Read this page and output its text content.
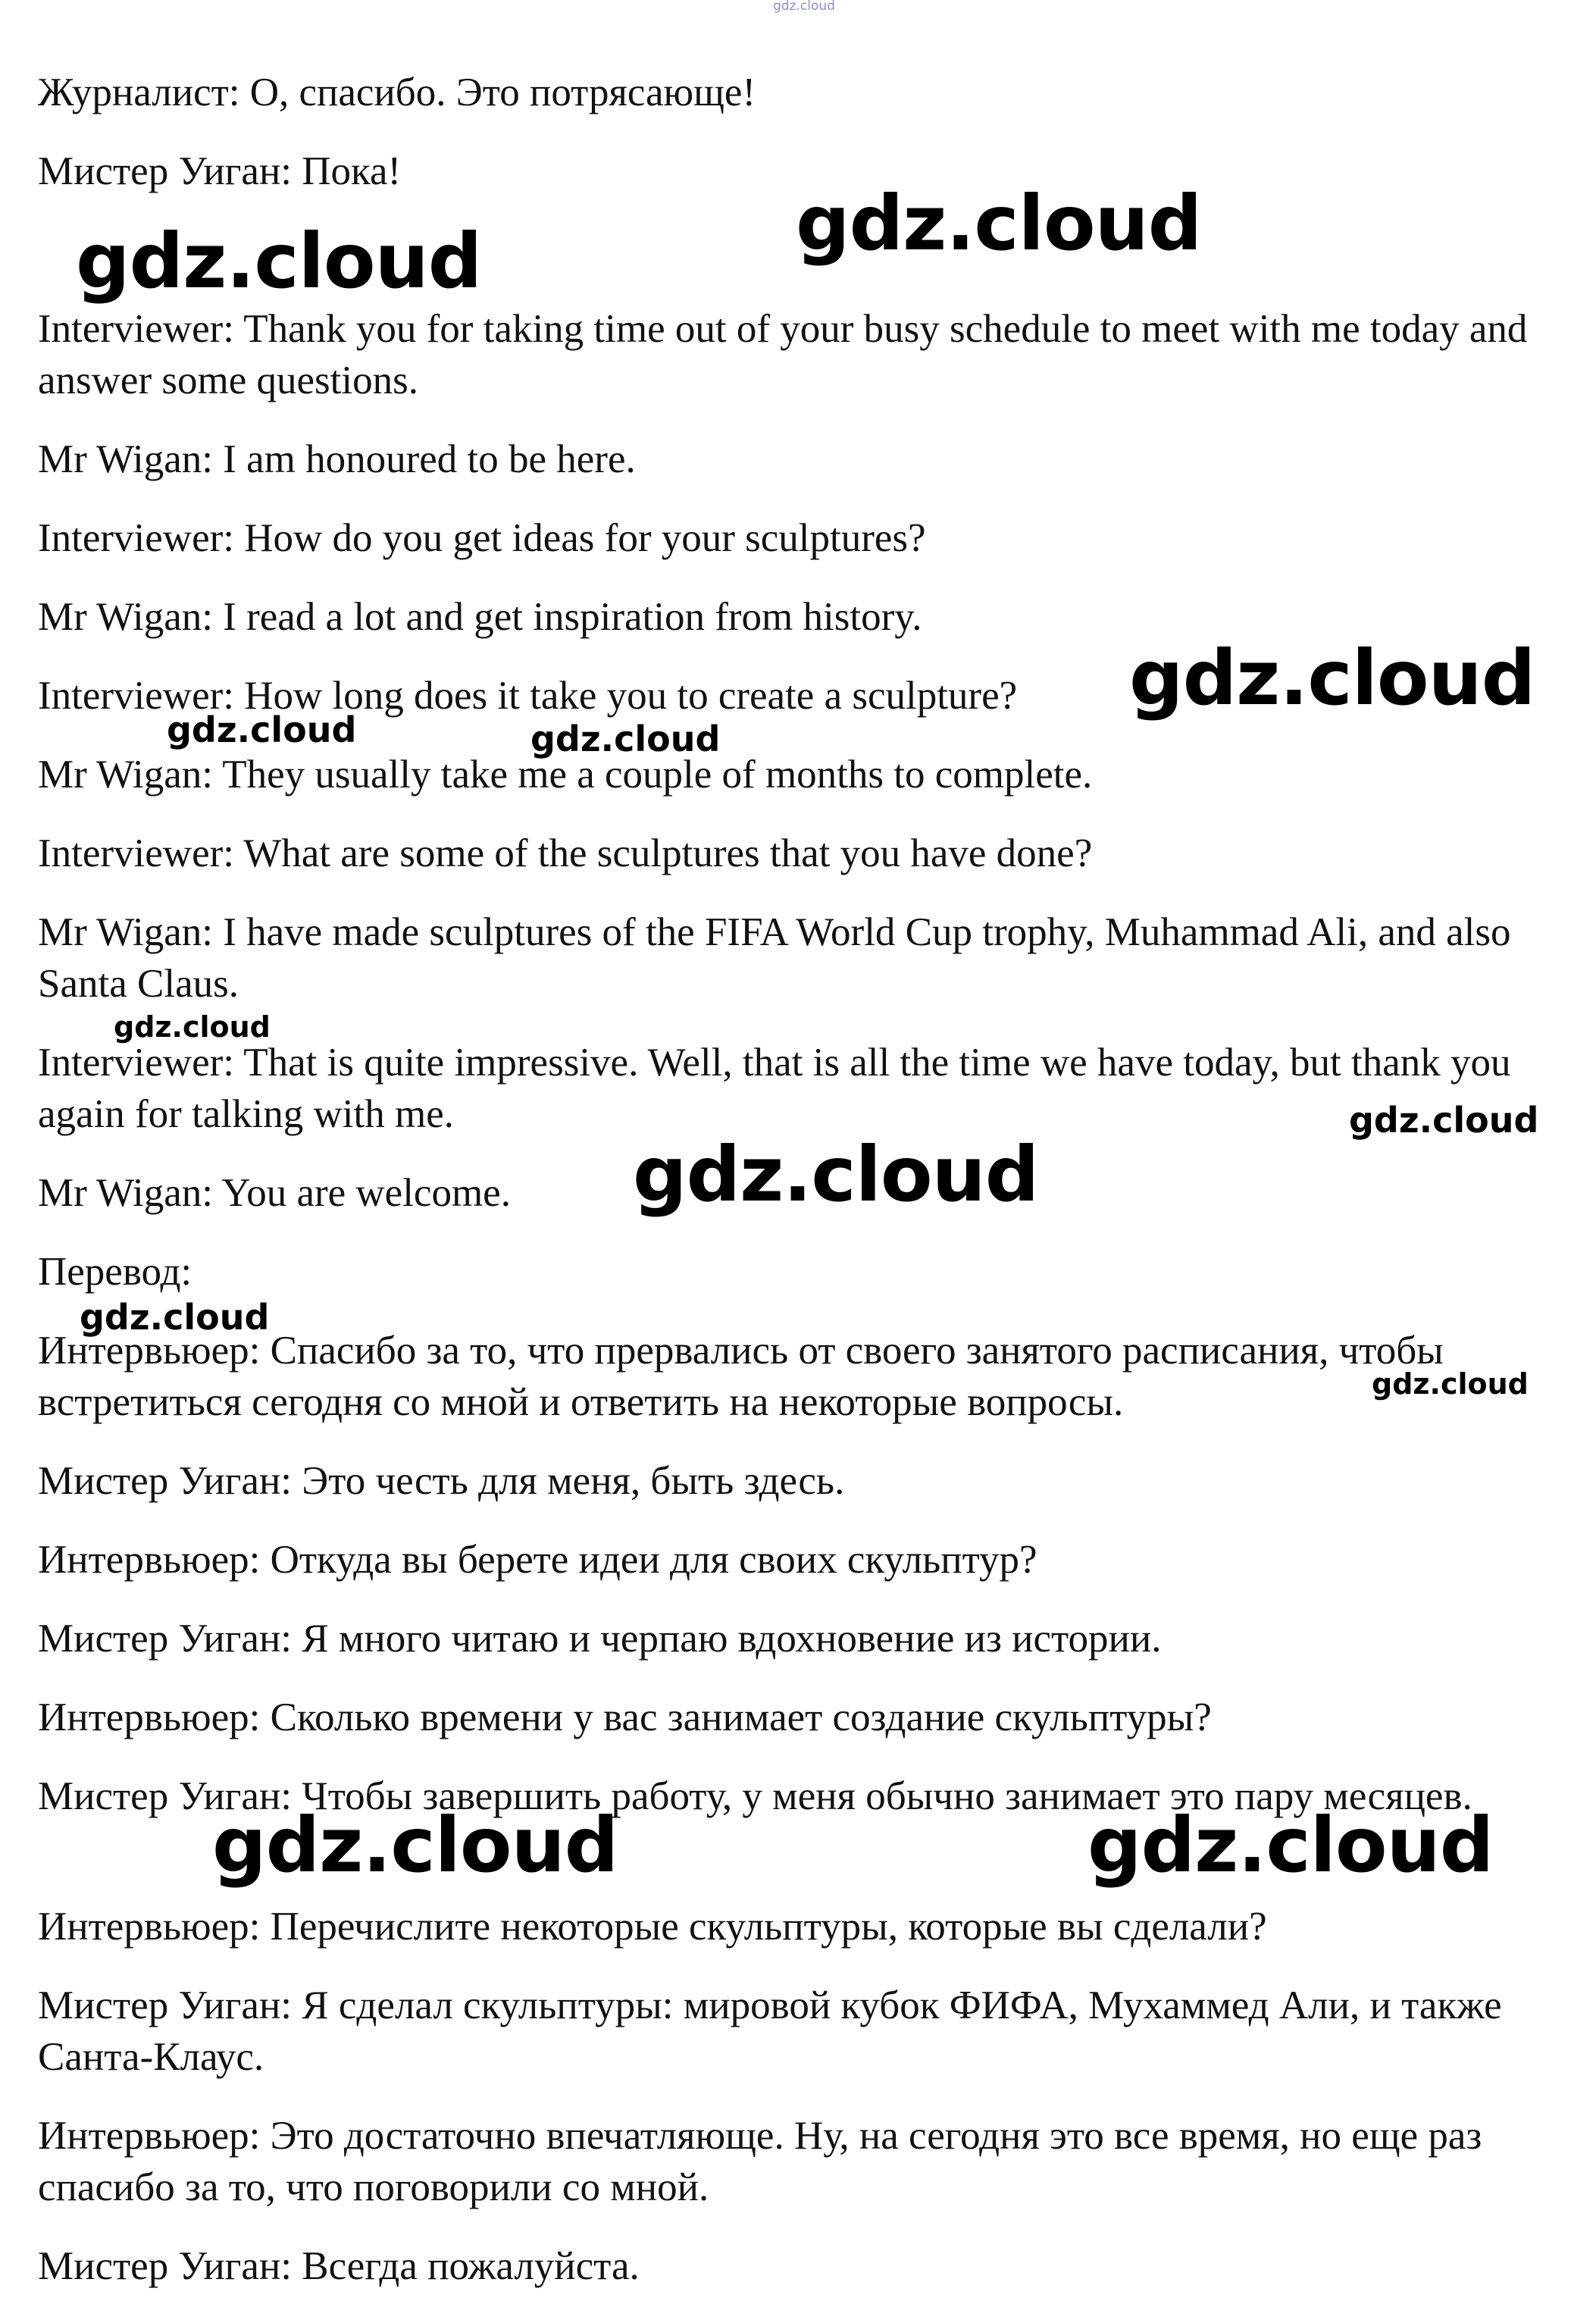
gdz.cloud

Журналист: О, спасибо. Это потрясающе!

Мистер Уиган: Пока!

Interviewer: Thank you for taking time out of your busy schedule to meet with me today and answer some questions.

Mr Wigan: I am honoured to be here.

Interviewer: How do you get ideas for your sculptures?

Mr Wigan: I read a lot and get inspiration from history.

Interviewer: How long does it take you to create a sculpture?

Mr Wigan: They usually take me a couple of months to complete.

Interviewer: What are some of the sculptures that you have done?

Mr Wigan: I have made sculptures of the FIFA World Cup trophy, Muhammad Ali, and also Santa Claus.

Interviewer: That is quite impressive. Well, that is all the time we have today, but thank you again for talking with me.

Mr Wigan: You are welcome.

Перевод:

Интервьюер: Спасибо за то, что прервались от своего занятого расписания, чтобы встретиться сегодня со мной и ответить на некоторые вопросы.

Мистер Уиган: Это честь для меня, быть здесь.

Интервьюер: Откуда вы берете идеи для своих скульптур?

Мистер Уиган: Я много читаю и черпаю вдохновение из истории.

Интервьюер: Сколько времени у вас занимает создание скульптуры?

Мистер Уиган: Чтобы завершить работу, у меня обычно занимает это пару месяцев.

Интервьюер: Перечислите некоторые скульптуры, которые вы сделали?

Мистер Уиган: Я сделал скульптуры: мировой кубок ФИФА, Мухаммед Али, и также Санта-Клаус.

Интервьюер: Это достаточно впечатляюще. Ну, на сегодня это все время, но еще раз спасибо за то, что поговорили со мной.

Мистер Уиган: Всегда пожалуйста.

gdz.cloud	gdz.cloud
gdz.cloud
gdz.cloud	gdz.cloud
gdz.cloud
gdz.cloud
gdz.cloud
gdz.cloud
gdz.cloud
gdz.cloud	gdz.cloud
